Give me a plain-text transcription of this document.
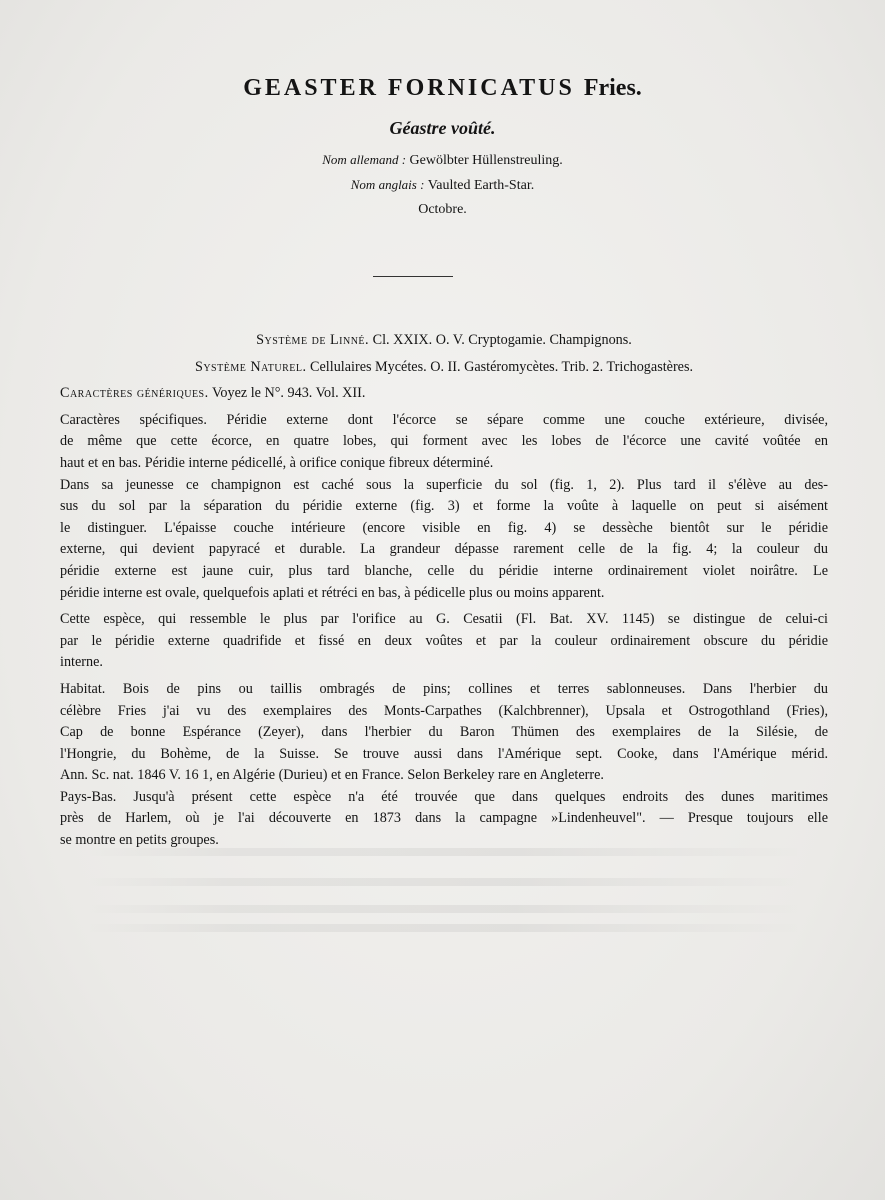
GEASTER FORNICATUS Fries.

Géastre voûté.
Nom allemand : Gewölbter Hüllenstreuling.
Nom anglais : Vaulted Earth-Star.
Octobre.
Système de Linné. Cl. XXIX. O. V. Cryptogamie. Champignons.
Système Naturel. Cellulaires Mycétes. O. II. Gastéromycètes. Trib. 2. Trichogastères.
Caractères génériques. Voyez le N°. 943. Vol. XII.
Caractères spécifiques. Péridie externe dont l'écorce se sépare comme une couche extérieure, divisée,
de même que cette écorce, en quatre lobes, qui forment avec les lobes de l'écorce une cavité voûtée en
haut et en bas. Péridie interne pédicellé, à orifice conique fibreux déterminé.
Dans sa jeunesse ce champignon est caché sous la superficie du sol (fig. 1, 2). Plus tard il s'élève au des-
sus du sol par la séparation du péridie externe (fig. 3) et forme la voûte à laquelle on peut si aisément
le distinguer. L'épaisse couche intérieure (encore visible en fig. 4) se dessèche bientôt sur le péridie
externe, qui devient papyracé et durable. La grandeur dépasse rarement celle de la fig. 4; la couleur du
péridie externe est jaune cuir, plus tard blanche, celle du péridie interne ordinairement violet noirâtre. Le
péridie interne est ovale, quelquefois aplati et rétréci en bas, à pédicelle plus ou moins apparent.
Cette espèce, qui ressemble le plus par l'orifice au G. Cesatii (Fl. Bat. XV. 1145) se distingue de celui-ci
par le péridie externe quadrifide et fissé en deux voûtes et par la couleur ordinairement obscure du péridie
interne.
Habitat. Bois de pins ou taillis ombragés de pins; collines et terres sablonneuses. Dans l'herbier du
célèbre Fries j'ai vu des exemplaires des Monts-Carpathes (Kalchbrenner), Upsala et Ostrogothland (Fries),
Cap de bonne Espérance (Zeyer), dans l'herbier du Baron Thümen des exemplaires de la Silésie, de
l'Hongrie, du Bohème, de la Suisse. Se trouve aussi dans l'Amérique sept. Cooke, dans l'Amérique mérid.
Ann. Sc. nat. 1846 V. 16 1, en Algérie (Durieu) et en France. Selon Berkeley rare en Angleterre.
Pays-Bas. Jusqu'à présent cette espèce n'a été trouvée que dans quelques endroits des dunes maritimes
près de Harlem, où je l'ai découverte en 1873 dans la campagne »Lindenheuvel". — Presque toujours elle
se montre en petits groupes.
